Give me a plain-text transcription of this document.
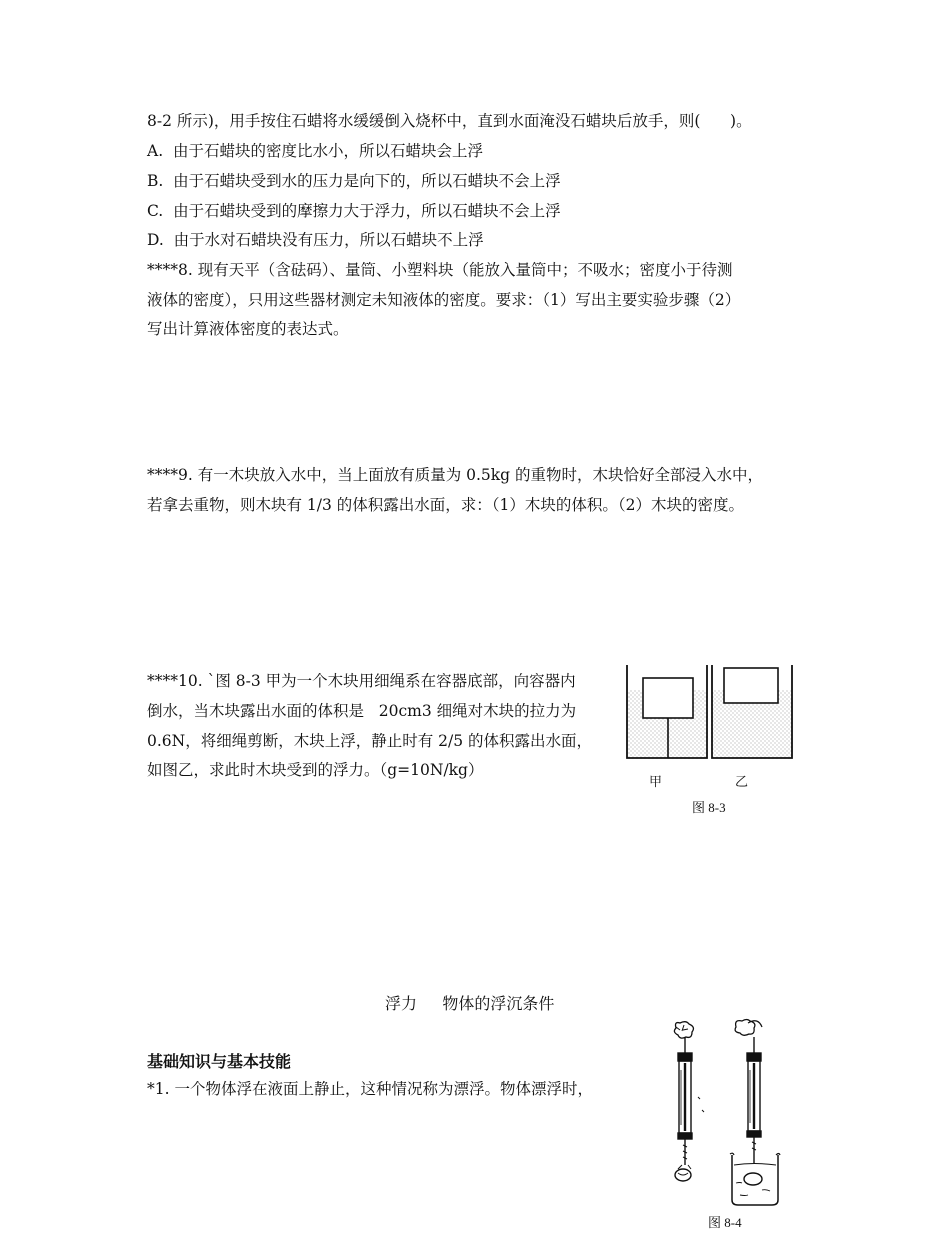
8-2 所示)，用手按住石蜡将水缓缓倒入烧杯中，直到水面淹没石蜡块后放手，则(      )。
A.  由于石蜡块的密度比水小，所以石蜡块会上浮
B.  由于石蜡块受到水的压力是向下的，所以石蜡块不会上浮
C.  由于石蜡块受到的摩擦力大于浮力，所以石蜡块不会上浮
D.  由于水对石蜡块没有压力，所以石蜡块不上浮
****8. 现有天平（含砝码）、量筒、小塑料块（能放入量筒中；不吸水；密度小于待测
液体的密度），只用这些器材测定未知液体的密度。要求：（1）写出主要实验步骤（2）
写出计算液体密度的表达式。
****9. 有一木块放入水中，当上面放有质量为 0.5kg 的重物时，木块恰好全部浸入水中，
若拿去重物，则木块有 1/3 的体积露出水面，求：（1）木块的体积。（2）木块的密度。
****10. `图 8-3 甲为一个木块用细绳系在容器底部，向容器内
倒水，当木块露出水面的体积是   20cm3 细绳对木块的拉力为
0.6N，将细绳剪断，木块上浮，静止时有 2/5 的体积露出水面，
如图乙，求此时木块受到的浮力。（g=10N/kg）
甲	乙
图 8-3
浮力     物体的浮沉条件
基础知识与基本技能
*1. 一个物体浮在液面上静止，这种情况称为漂浮。物体漂浮时，
图 8-4
